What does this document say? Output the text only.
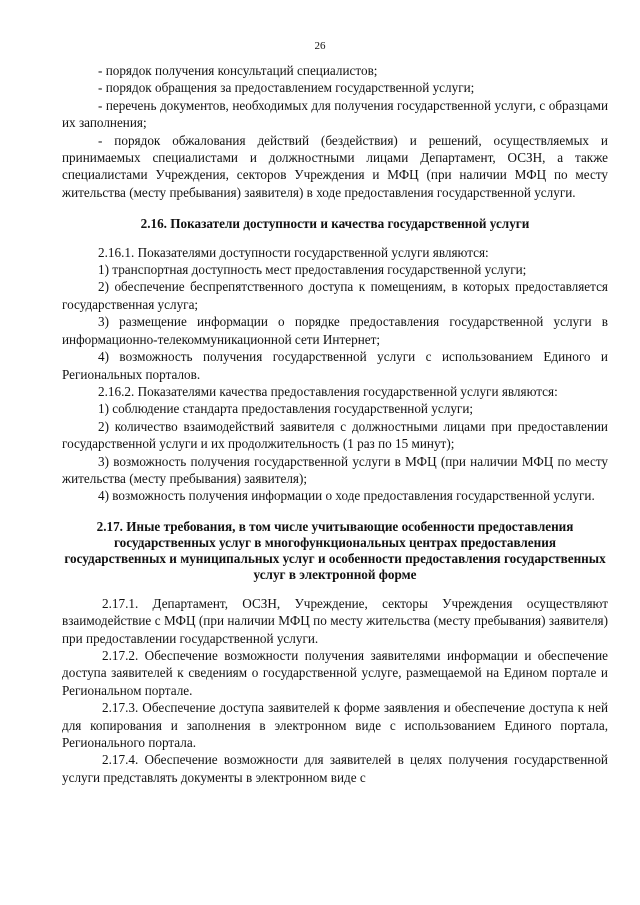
26

- порядок получения консультаций специалистов;

- порядок обращения за предоставлением государственной услуги;

- перечень документов, необходимых для получения государственной услуги, с образцами их заполнения;

- порядок обжалования действий (бездействия) и решений, осуществляемых и принимаемых специалистами и должностными лицами Департамент, ОСЗН, а также специалистами Учреждения, секторов Учреждения и МФЦ (при наличии МФЦ по месту жительства (месту пребывания) заявителя) в ходе предоставления государственной услуги.

2.16. Показатели доступности и качества государственной услуги

2.16.1. Показателями доступности государственной услуги являются:

1) транспортная доступность мест предоставления государственной услуги;

2) обеспечение беспрепятственного доступа к помещениям, в которых предоставляется государственная услуга;

3) размещение информации о порядке предоставления государственной услуги в информационно-телекоммуникационной сети Интернет;

4) возможность получения государственной услуги с использованием Единого и Региональных порталов.

2.16.2. Показателями качества предоставления государственной услуги являются:

1) соблюдение стандарта предоставления государственной услуги;

2) количество взаимодействий заявителя с должностными лицами при предоставлении государственной услуги и их продолжительность (1 раз по 15 минут);

3) возможность получения государственной услуги в МФЦ (при наличии МФЦ по месту жительства (месту пребывания) заявителя);

4) возможность получения информации о ходе предоставления государственной услуги.

2.17. Иные требования, в том числе учитывающие особенности предоставления государственных услуг в многофункциональных центрах предоставления государственных и муниципальных услуг и особенности предоставления государственных услуг в электронной форме

2.17.1. Департамент, ОСЗН, Учреждение, секторы Учреждения осуществляют взаимодействие с МФЦ (при наличии МФЦ по месту жительства (месту пребывания) заявителя) при предоставлении государственной услуги.

2.17.2. Обеспечение возможности получения заявителями информации и обеспечение доступа заявителей к сведениям о государственной услуге, размещаемой на Едином портале и Региональном портале.

2.17.3. Обеспечение доступа заявителей к форме заявления и обеспечение доступа к ней для копирования и заполнения в электронном виде с использованием Единого портала, Регионального портала.

2.17.4. Обеспечение возможности для заявителей в целях получения государственной услуги представлять документы в электронном виде с
